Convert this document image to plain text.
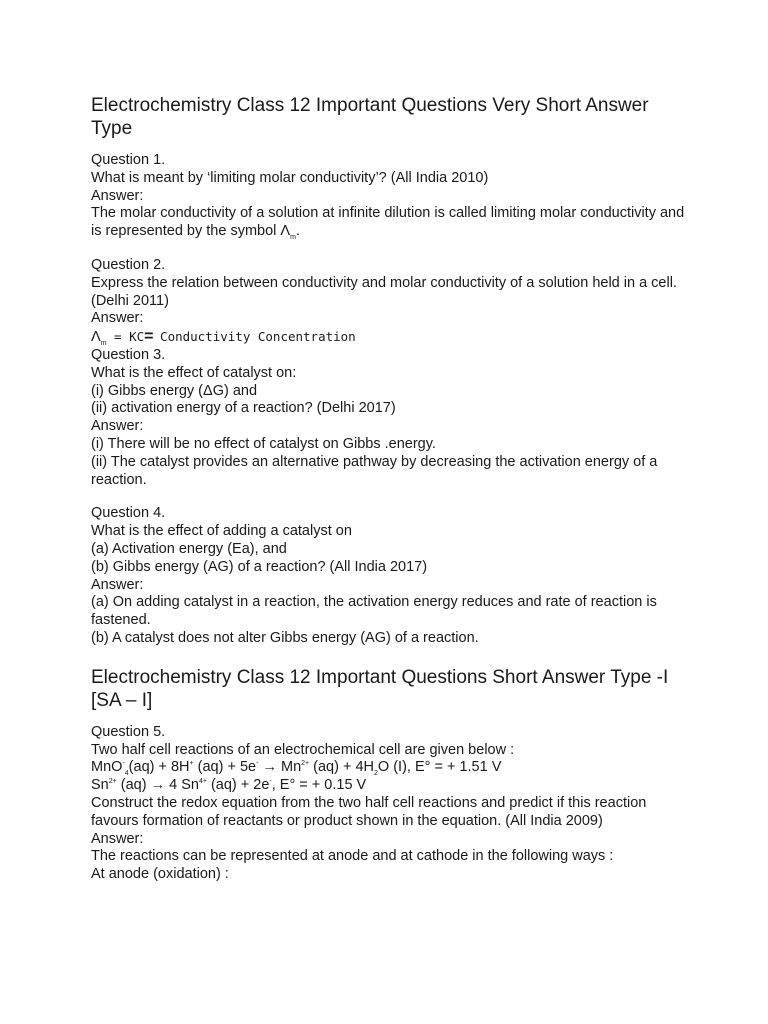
Electrochemistry Class 12 Important Questions Very Short Answer Type

Question 1.

What is meant by ‘limiting molar conductivity’? (All India 2010)

Answer:

The molar conductivity of a solution at infinite dilution is called limiting molar conductivity and is represented by the symbol $\Lambda_m$.

Question 2.

Express the relation between conductivity and molar conductivity of a solution held in a cell. (Delhi 2011)

Answer:

$\Lambda_m = KC=$ Conductivity Concentration

Question 3.

What is the effect of catalyst on:

(i) Gibbs energy (ΔG) and

(ii) activation energy of a reaction? (Delhi 2017)

Answer:

(i) There will be no effect of catalyst on Gibbs .energy.

(ii) The catalyst provides an alternative pathway by decreasing the activation energy of a reaction.

Question 4.

What is the effect of adding a catalyst on

(a) Activation energy (Ea), and

(b) Gibbs energy (AG) of a reaction? (All India 2017)

Answer:

(a) On adding catalyst in a reaction, the activation energy reduces and rate of reaction is fastened.

(b) A catalyst does not alter Gibbs energy (AG) of a reaction.

Electrochemistry Class 12 Important Questions Short Answer Type -I [SA – I]

Question 5.

Two half cell reactions of an electrochemical cell are given below :

MnO-$_4$(aq) + 8H+ $(aq) + 5e^- \to Mn^{2+}$ $(aq) + 4H_2O$ (I), E° = + 1.51 V

$Sn^{2+}$ (aq) → 4 $Sn^{4+}$ (aq) + 2e-, E° = + 0.15 V

Construct the redox equation from the two half cell reactions and predict if this reaction favours formation of reactants or product shown in the equation. (All India 2009)

Answer:

The reactions can be represented at anode and at cathode in the following ways :

At anode (oxidation) :
